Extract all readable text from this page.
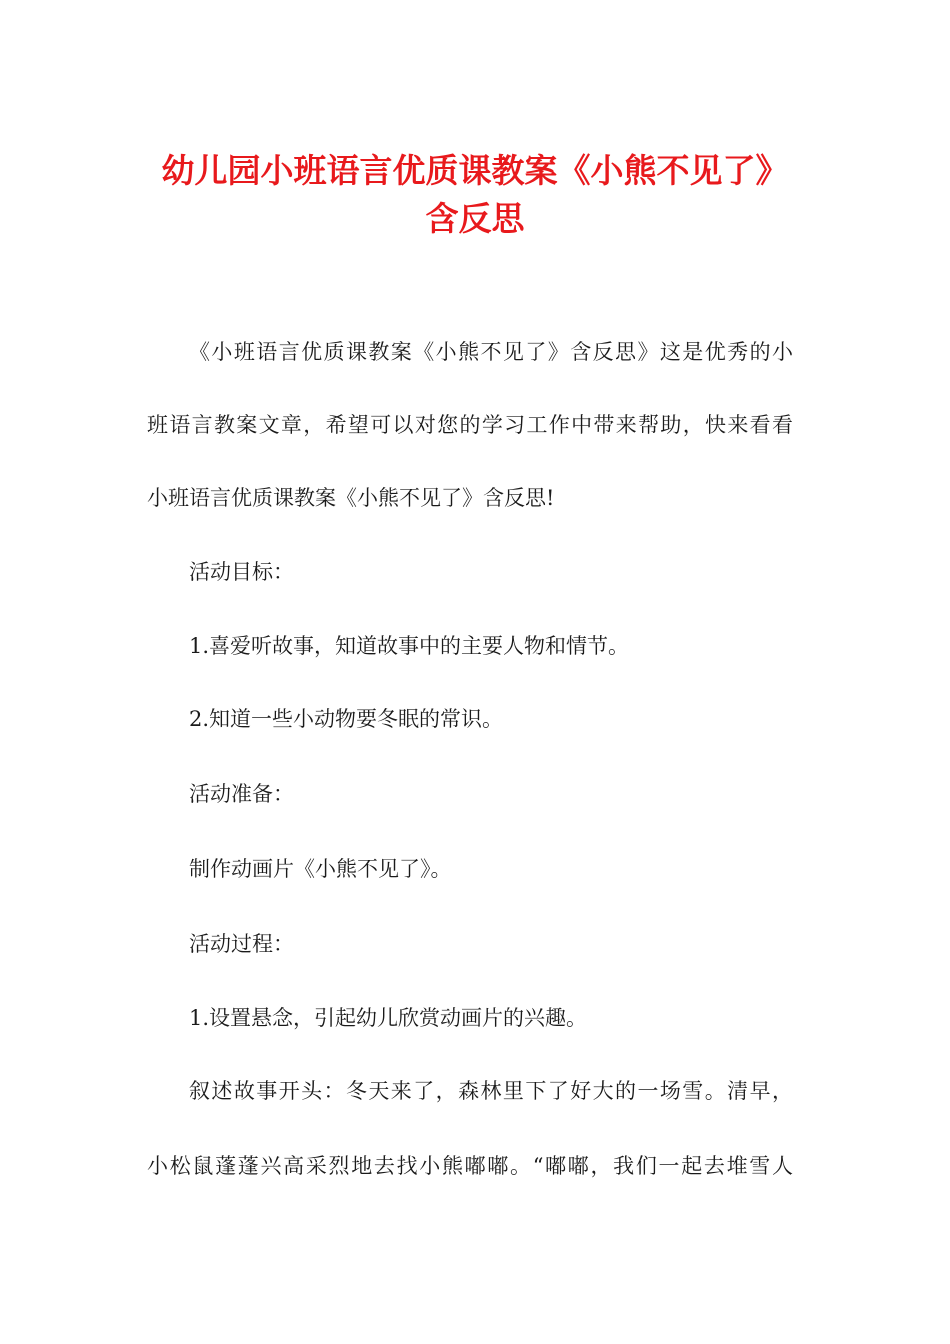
幼儿园小班语言优质课教案《小熊不见了》
含反思

《小班语言优质课教案《小熊不见了》含反思》这是优秀的小

班语言教案文章，希望可以对您的学习工作中带来帮助，快来看看

小班语言优质课教案《小熊不见了》含反思!

活动目标：

1.喜爱听故事，知道故事中的主要人物和情节。

2.知道一些小动物要冬眠的常识。

活动准备：

制作动画片《小熊不见了》。

活动过程：

1.设置悬念，引起幼儿欣赏动画片的兴趣。

叙述故事开头：冬天来了，森林里下了好大的一场雪。清早，

小松鼠蓬蓬兴高采烈地去找小熊嘟嘟。“嘟嘟，我们一起去堆雪人
